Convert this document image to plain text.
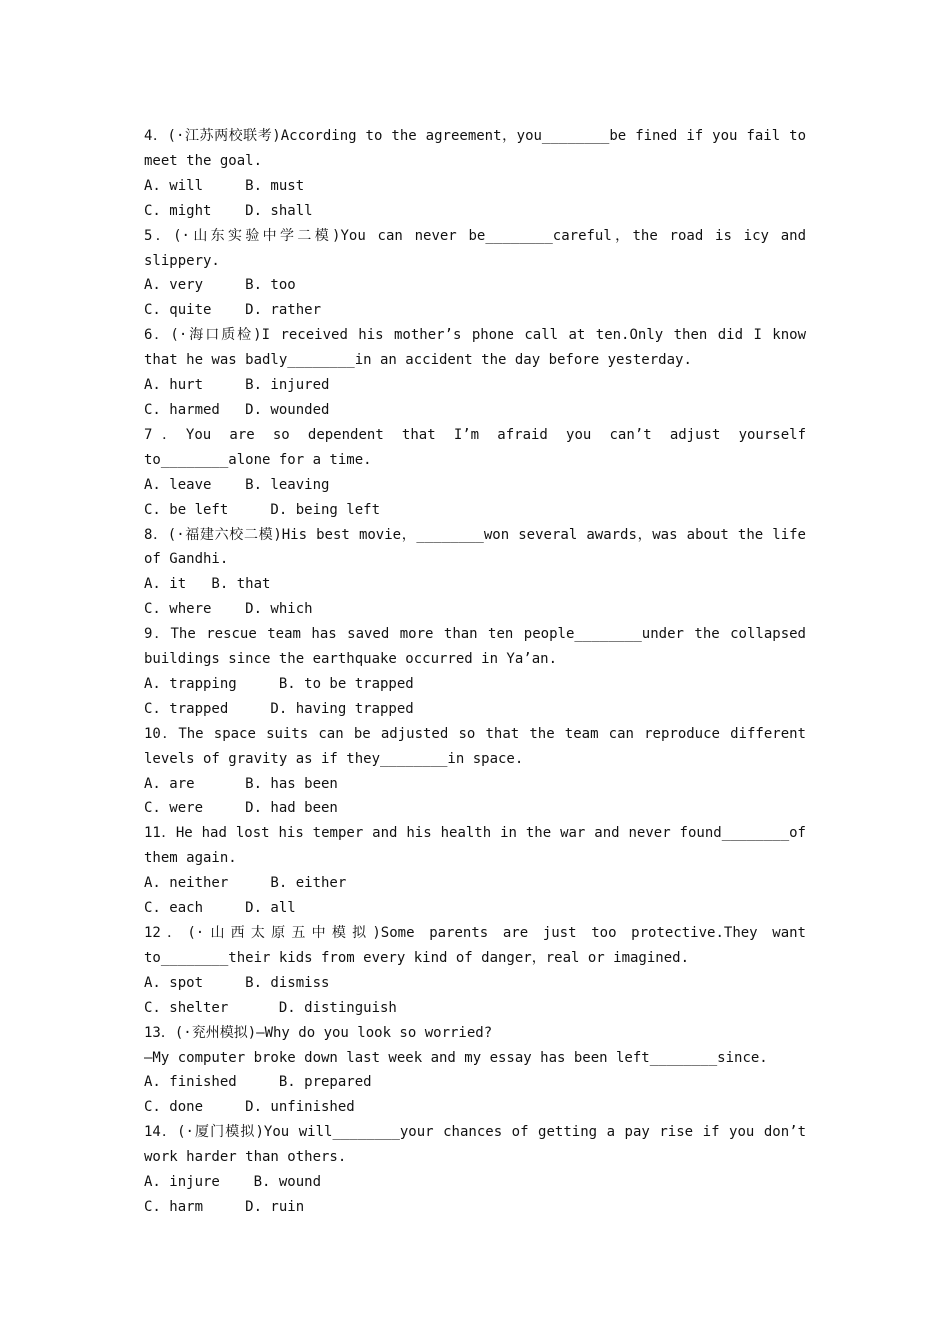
4．(·江苏两校联考)According to the agreement，you________be fined if you fail to meet the goal.

A. will     B. must

C. might    D. shall

5．(·山东实验中学二模)You can never be________careful，the road is icy and slippery.

A. very     B. too

C. quite    D. rather

6．(·海口质检)I received his mother’s phone call at ten.Only then did I know that he was badly________in an accident the day before yesterday.

A. hurt     B. injured

C. harmed   D. wounded

7．You are so dependent that I’m afraid you can’t adjust yourself to________alone for a time.

A. leave    B. leaving

C. be left     D. being left

8．(·福建六校二模)His best movie，________won several awards，was about the life of Gandhi.

A. it   B. that

C. where    D. which

9．The rescue team has saved more than ten people________under the collapsed buildings since the earthquake occurred in Ya’an.

A. trapping     B. to be trapped

C. trapped     D. having trapped

10．The space suits can be adjusted so that the team can reproduce different levels of gravity as if they________in space.

A. are      B. has been

C. were     D. had been

11．He had lost his temper and his health in the war and never found________of them again.

A. neither     B. either

C. each     D. all

12．(·山西太原五中模拟)Some parents are just too protective.They want to________their kids from every kind of danger，real or imagined.

A. spot     B. dismiss

C. shelter      D. distinguish

13．(·兖州模拟)—Why do you look so worried?
—My computer broke down last week and my essay has been left________since.

A. finished     B. prepared

C. done     D. unfinished

14．(·厦门模拟)You will________your chances of getting a pay rise if you don’t work harder than others.

A. injure    B. wound

C. harm     D. ruin
